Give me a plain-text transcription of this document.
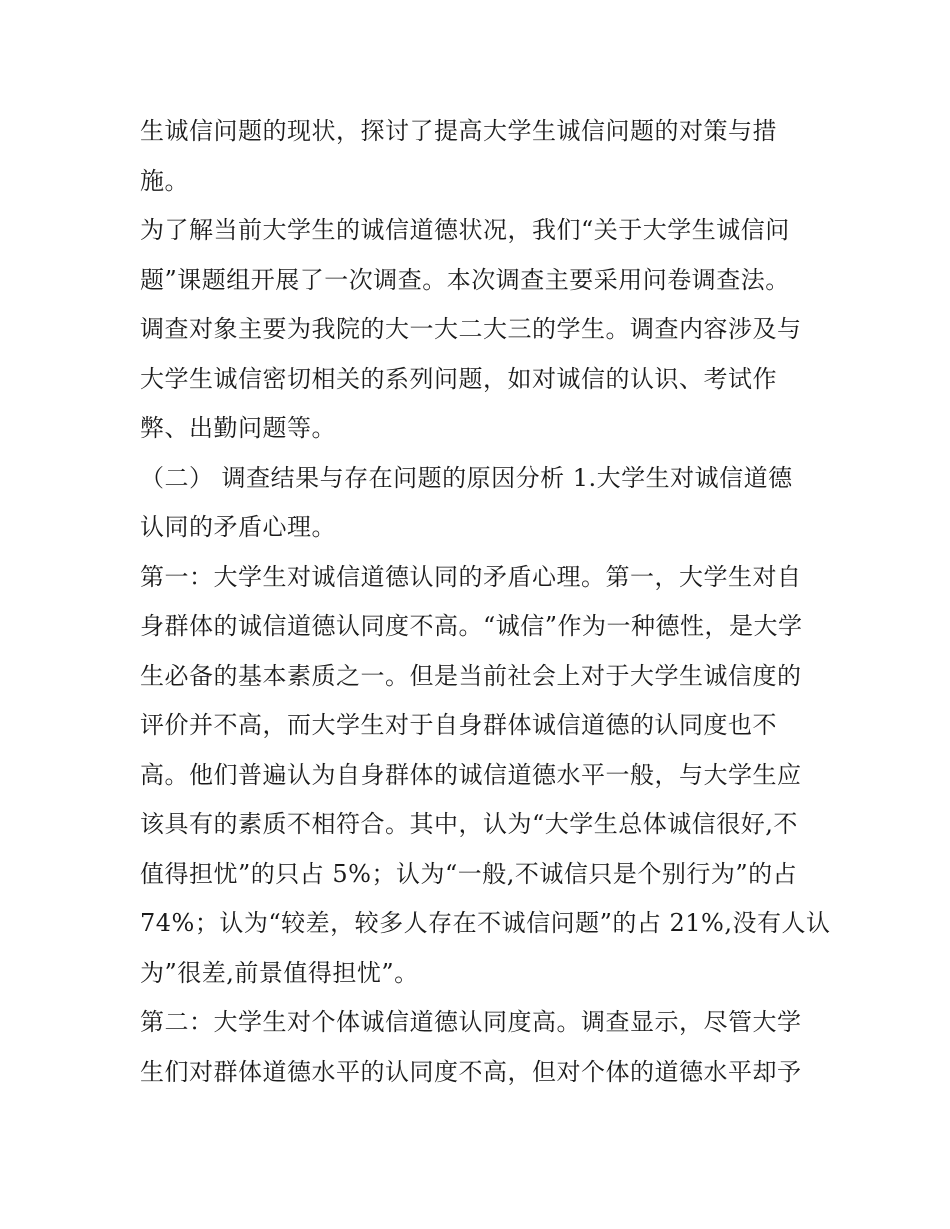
生诚信问题的现状，探讨了提高大学生诚信问题的对策与措
施。
为了解当前大学生的诚信道德状况，我们“关于大学生诚信问
题”课题组开展了一次调查。本次调查主要采用问卷调查法。
调查对象主要为我院的大一大二大三的学生。调查内容涉及与
大学生诚信密切相关的系列问题，如对诚信的认识、考试作
弊、出勤问题等。
（二） 调查结果与存在问题的原因分析 1.大学生对诚信道德
认同的矛盾心理。
第一：大学生对诚信道德认同的矛盾心理。第一，大学生对自
身群体的诚信道德认同度不高。“诚信”作为一种德性，是大学
生必备的基本素质之一。但是当前社会上对于大学生诚信度的
评价并不高，而大学生对于自身群体诚信道德的认同度也不
高。他们普遍认为自身群体的诚信道德水平一般，与大学生应
该具有的素质不相符合。其中，认为“大学生总体诚信很好,不
值得担忧”的只占 5%；认为“一般,不诚信只是个别行为”的占
74%；认为“较差，较多人存在不诚信问题”的占 21%,没有人认
为”很差,前景值得担忧”。
第二：大学生对个体诚信道德认同度高。调查显示，尽管大学
生们对群体道德水平的认同度不高，但对个体的道德水平却予
